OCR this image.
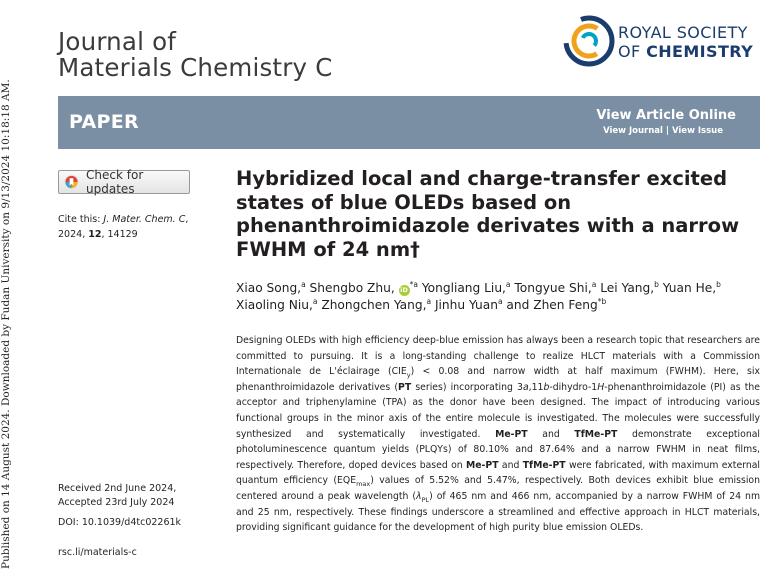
Published on 14 August 2024. Downloaded by Fudan University on 9/13/2024 10:18:18 AM.
Journal of
Materials Chemistry C
ROYAL SOCIETY
OF CHEMISTRY
PAPER	View Article Online
View Journal | View Issue
Check for updates
Cite this: J. Mater. Chem. C,
2024, 12, 14129
Received 2nd June 2024,
Accepted 23rd July 2024
DOI: 10.1039/d4tc02261k
rsc.li/materials-c
Hybridized local and charge-transfer excited states of blue OLEDs based on phenanthroimidazole derivates with a narrow FWHM of 24 nm†
Xiao Song,$^a$ Shengbo Zhu, $iD^{*a}$ Yongliang Liu,$^a$ Tongyue Shi,$^a$ Lei Yang,$^b$ Yuan He,$^b$ Xiaoling Niu,$^a$ Zhongchen Yang,$^a$ Jinhu Yuan$^a$ and Zhen Feng$^{*b}$
Designing OLEDs with high efficiency deep-blue emission has always been a research topic that researchers are committed to pursuing. It is a long-standing challenge to realize HLCT materials with a Commission Internationale de L'éclairage $(CIE_y) < 0.08$ and narrow width at half maximum (FWHM). Here, six phenanthroimidazole derivatives (PT series) incorporating 3a,11b-dihydro-1H-phenanthroimidazole (PI) as the acceptor and triphenylamine (TPA) as the donor have been designed. The impact of introducing various functional groups in the minor axis of the entire molecule is investigated. The molecules were successfully synthesized and systematically investigated. Me-PT and TfMe-PT demonstrate exceptional photoluminescence quantum yields (PLQYs) of 80.10% and 87.64% and a narrow FWHM in neat films, respectively. Therefore, doped devices based on Me-PT and TfMe-PT were fabricated, with maximum external quantum efficiency $(EQE_{max})$ values of 5.52% and 5.47%, respectively. Both devices exhibit blue emission centered around a peak wavelength $(\lambda_{PL})$ of 465 nm and 466 nm, accompanied by a narrow FWHM of 24 nm and 25 nm, respectively. These findings underscore a streamlined and effective approach in HLCT materials, providing significant guidance for the development of high purity blue emission OLEDs.
